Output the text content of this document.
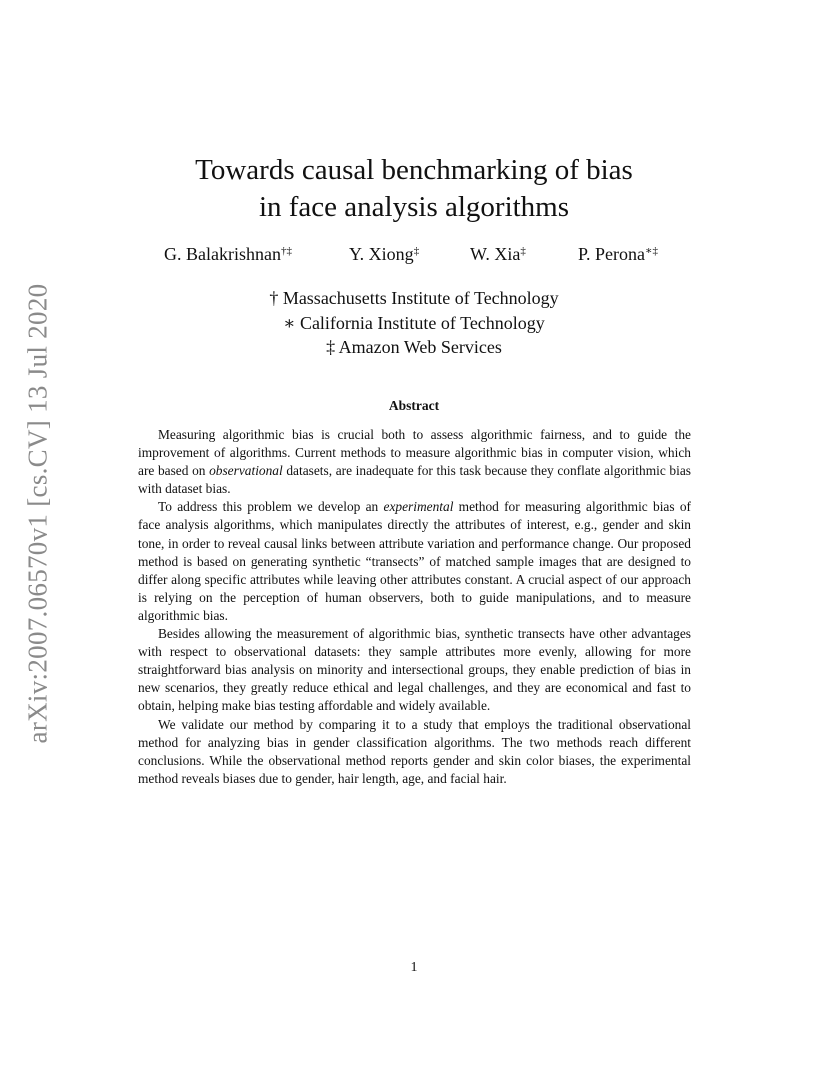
arXiv:2007.06570v1 [cs.CV] 13 Jul 2020
Towards causal benchmarking of bias
in face analysis algorithms
G. Balakrishnan†‡	Y. Xiong‡	W. Xia‡	P. Perona∗‡
† Massachusetts Institute of Technology
∗ California Institute of Technology
‡ Amazon Web Services
Abstract

Measuring algorithmic bias is crucial both to assess algorithmic fairness, and to guide the improvement of algorithms. Current methods to measure algorithmic bias in computer vision, which are based on observational datasets, are inadequate for this task because they conflate algorithmic bias with dataset bias.

To address this problem we develop an experimental method for measuring algorithmic bias of face analysis algorithms, which manipulates directly the attributes of interest, e.g., gender and skin tone, in order to reveal causal links between attribute variation and performance change. Our proposed method is based on generating synthetic “transects” of matched sample images that are designed to differ along specific attributes while leaving other attributes constant. A crucial aspect of our approach is relying on the perception of human observers, both to guide manipulations, and to measure algorithmic bias.

Besides allowing the measurement of algorithmic bias, synthetic transects have other advantages with respect to observational datasets: they sample attributes more evenly, allowing for more straightforward bias analysis on minority and intersectional groups, they enable prediction of bias in new scenarios, they greatly reduce ethical and legal challenges, and they are economical and fast to obtain, helping make bias testing affordable and widely available.

We validate our method by comparing it to a study that employs the traditional observational method for analyzing bias in gender classification algorithms. The two methods reach different conclusions. While the observational method reports gender and skin color biases, the experimental method reveals biases due to gender, hair length, age, and facial hair.

1
